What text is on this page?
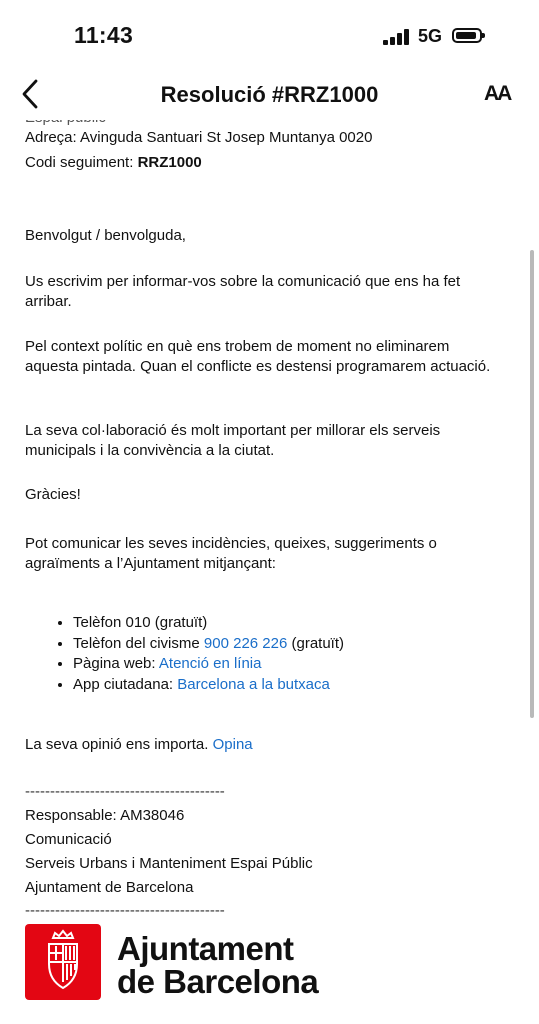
11:43	5G
Resolució #RRZ1000	AA
Adreça: Avinguda Santuari St Josep Muntanya 0020
Codi seguiment: RRZ1000
Benvolgut / benvolguda,
Us escrivim per informar-vos sobre la comunicació que ens ha fet arribar.
Pel context polític en què ens trobem de moment no eliminarem aquesta pintada. Quan el conflicte es destensi programarem actuació.
La seva col·laboració és molt important per millorar els serveis municipals i la convivència a la ciutat.
Gràcies!
Pot comunicar les seves incidències, queixes, suggeriments o agraïments a l’Ajuntament mitjançant:
• Telèfon 010 (gratuït)
• Telèfon del civisme 900 226 226 (gratuït)
• Pàgina web: Atenció en línia
• App ciutadana: Barcelona a la butxaca
La seva opinió ens importa. Opina
----------------------------------------
Responsable: AM38046
Comunicació
Serveis Urbans i Manteniment Espai Públic
Ajuntament de Barcelona
----------------------------------------
Ajuntament
de Barcelona
